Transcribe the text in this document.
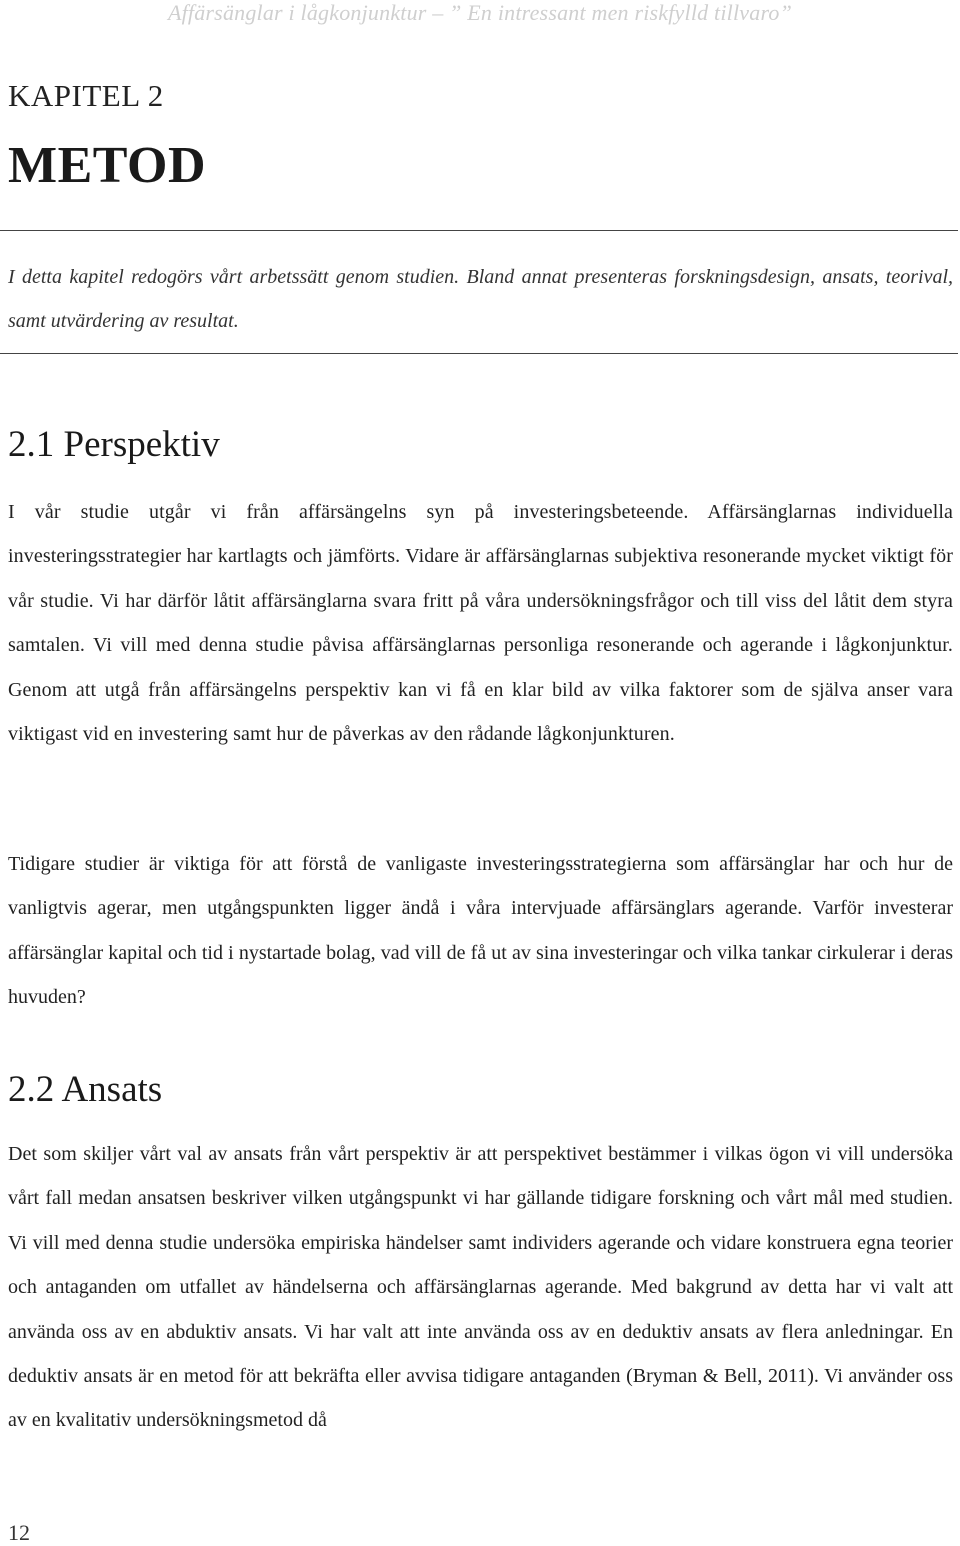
Affärsänglar i lågkonjunktur – ” En intressant men riskfylld tillvaro”
KAPITEL 2
METOD
I detta kapitel redogörs vårt arbetssätt genom studien. Bland annat presenteras forskningsdesign, ansats, teorival, samt utvärdering av resultat.
2.1 Perspektiv

I vår studie utgår vi från affärsängelns syn på investeringsbeteende. Affärsänglarnas individuella investeringsstrategier har kartlagts och jämförts. Vidare är affärsänglarnas subjektiva resonerande mycket viktigt för vår studie. Vi har därför låtit affärsänglarna svara fritt på våra undersökningsfrågor och till viss del låtit dem styra samtalen. Vi vill med denna studie påvisa affärsänglarnas personliga resonerande och agerande i lågkonjunktur. Genom att utgå från affärsängelns perspektiv kan vi få en klar bild av vilka faktorer som de själva anser vara viktigast vid en investering samt hur de påverkas av den rådande lågkonjunkturen.

Tidigare studier är viktiga för att förstå de vanligaste investeringsstrategierna som affärsänglar har och hur de vanligtvis agerar, men utgångspunkten ligger ändå i våra intervjuade affärsänglars agerande. Varför investerar affärsänglar kapital och tid i nystartade bolag, vad vill de få ut av sina investeringar och vilka tankar cirkulerar i deras huvuden?

2.2 Ansats

Det som skiljer vårt val av ansats från vårt perspektiv är att perspektivet bestämmer i vilkas ögon vi vill undersöka vårt fall medan ansatsen beskriver vilken utgångspunkt vi har gällande tidigare forskning och vårt mål med studien. Vi vill med denna studie undersöka empiriska händelser samt individers agerande och vidare konstruera egna teorier och antaganden om utfallet av händelserna och affärsänglarnas agerande. Med bakgrund av detta har vi valt att använda oss av en abduktiv ansats. Vi har valt att inte använda oss av en deduktiv ansats av flera anledningar. En deduktiv ansats är en metod för att bekräfta eller avvisa tidigare antaganden (Bryman & Bell, 2011). Vi använder oss av en kvalitativ undersökningsmetod då

12
